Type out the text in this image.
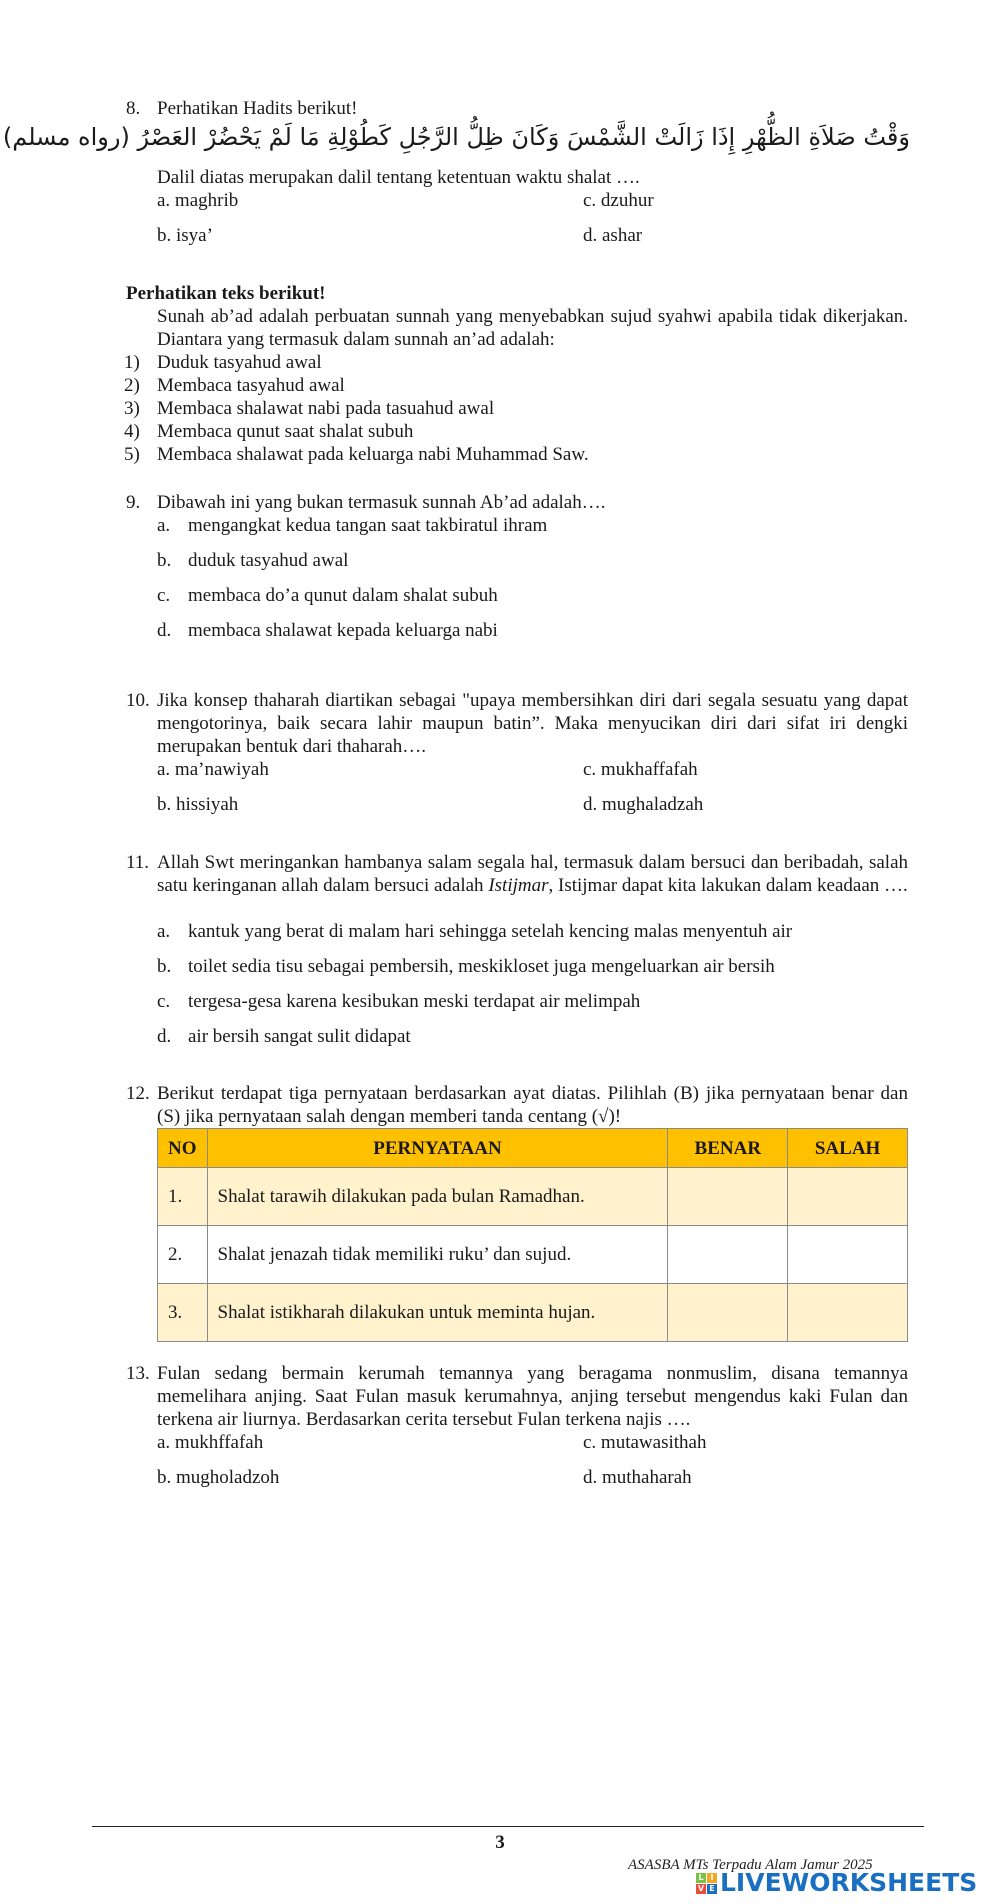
8. Perhatikan Hadits berikut!
وَقْتُ صَلاَةِ الظُّهْرِ إِذَا زَالَتْ الشَّمْسَ وَكَانَ ظِلُّ الرَّجُلِ كَطُوْلِةِ مَا لَمْ يَحْضُرْ العَصْرُ (رواه مسلم)
Dalil diatas merupakan dalil tentang ketentuan waktu shalat ….
a. maghrib	c. dzuhur
b. isya’	d. ashar
Perhatikan teks berikut!
Sunah ab’ad adalah perbuatan sunnah yang menyebabkan sujud syahwi apabila tidak dikerjakan. Diantara yang termasuk dalam sunnah an’ad adalah:
1) Duduk tasyahud awal
2) Membaca tasyahud awal
3) Membaca shalawat nabi pada tasuahud awal
4) Membaca qunut saat shalat subuh
5) Membaca shalawat pada keluarga nabi Muhammad Saw.
9. Dibawah ini yang bukan termasuk sunnah Ab’ad adalah….
a. mengangkat kedua tangan saat takbiratul ihram
b. duduk tasyahud awal
c. membaca do’a qunut dalam shalat subuh
d. membaca shalawat kepada keluarga nabi
10. Jika konsep thaharah diartikan sebagai "upaya membersihkan diri dari segala sesuatu yang dapat mengotorinya, baik secara lahir maupun batin”. Maka menyucikan diri dari sifat iri dengki merupakan bentuk dari thaharah….
a. ma’nawiyah	c. mukhaffafah
b. hissiyah	d. mughaladzah
11. Allah Swt meringankan hambanya salam segala hal, termasuk dalam bersuci dan beribadah, salah satu keringanan allah dalam bersuci adalah Istijmar, Istijmar dapat kita lakukan dalam keadaan ….
a. kantuk yang berat di malam hari sehingga setelah kencing malas menyentuh air
b. toilet sedia tisu sebagai pembersih, meskikloset juga mengeluarkan air bersih
c. tergesa-gesa karena kesibukan meski terdapat air melimpah
d. air bersih sangat sulit didapat
12. Berikut terdapat tiga pernyataan berdasarkan ayat diatas. Pilihlah (B) jika pernyataan benar dan (S) jika pernyataan salah dengan memberi tanda centang (√)!
NO	PERNYATAAN	BENAR	SALAH
1.	Shalat tarawih dilakukan pada bulan Ramadhan.		
2.	Shalat jenazah tidak memiliki ruku’ dan sujud.		
3.	Shalat istikharah dilakukan untuk meminta hujan.		
13. Fulan sedang bermain kerumah temannya yang beragama nonmuslim, disana temannya memelihara anjing. Saat Fulan masuk kerumahnya, anjing tersebut mengendus kaki Fulan dan terkena air liurnya. Berdasarkan cerita tersebut Fulan terkena najis ….
a. mukhffafah	c. mutawasithah
b. mugholadzoh	d. muthaharah
3
ASASBA MTs Terpadu Alam Jamur 2025
L I
V E LIVEWORKSHEETS
